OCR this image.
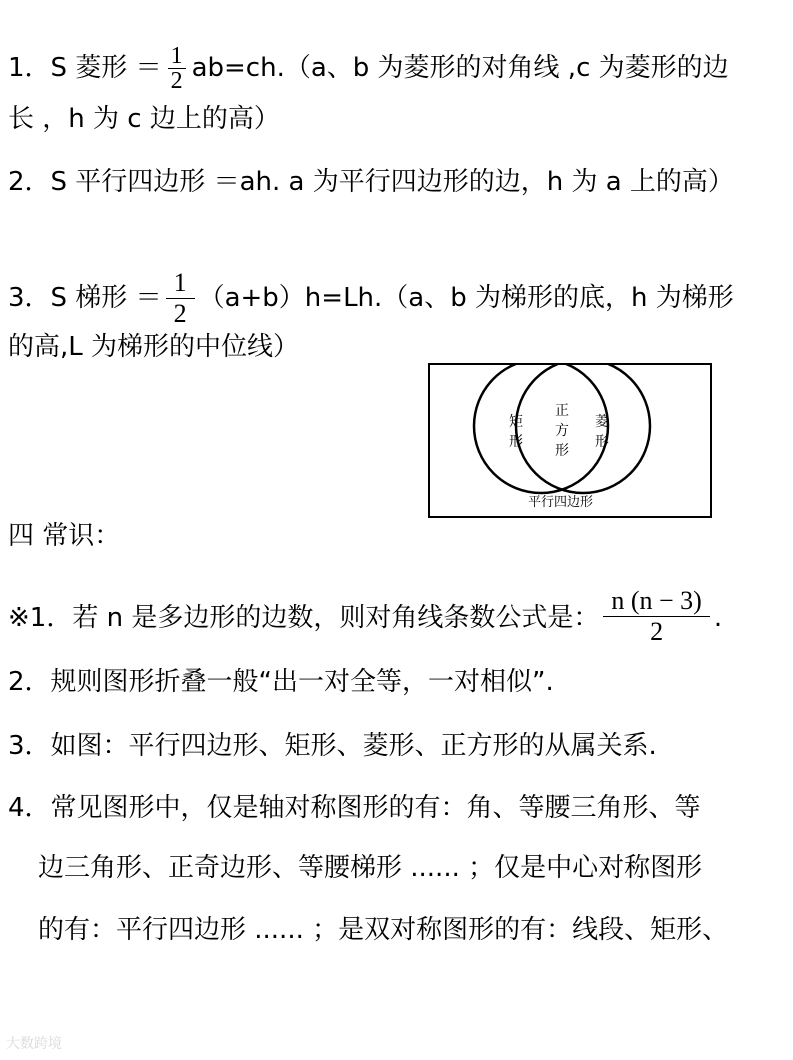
1．S 菱形 ＝ $\frac{1}{2} ab=ch.(a$、b 为菱形的对角线 ,c 为菱形的边
长 ，h 为 c 边上的高）
2．S 平行四边形 ＝ah. a 为平行四边形的边，h 为 a 上的高）
3．S 梯形 ＝ $\frac{1}{2} (a+b)h=Lh.(a$、b 为梯形的底，h 为梯形
的高,L 为梯形的中位线）
矩
形
正
方
形
菱
形
平行四边形
四 常识：
※1．若 n 是多边形的边数，则对角线条数公式是： $\frac{n (n - 3)}{2}$ .
2．规则图形折叠一般“出一对全等，一对相似”.
3．如图：平行四边形、矩形、菱形、正方形的从属关系.
4．常见图形中，仅是轴对称图形的有：角、等腰三角形、等
边三角形、正奇边形、等腰梯形 ...... ；仅是中心对称图形
的有：平行四边形 ...... ；是双对称图形的有：线段、矩形、
大数跨境
